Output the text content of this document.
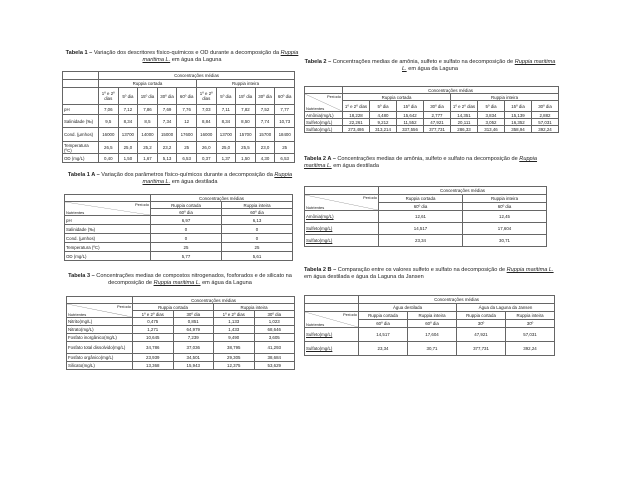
Tabela 1 – Variação dos descritores físico-químicos e OD durante a decomposição da Ruppia maritima L. em água da Laguna
	Concentrações médias									
	Ruppia cortada					Ruppia inteira				
	1º e 2º dias	5º dia	15º dia	30º dia	60º dia	1º e 2º dias	5º dia	15º dia	30º dia	60º dia
pH	7,06	7,12	7,86	7,69	7,76	7,03	7,11	7,82	7,52	7,77
Salinidade (‰)	9,5	8,34	8,5	7,34	12	8,84	8,34	8,50	7,74	10,73
Cond. (µmhos)	16000	13700	14000	15000	17600	16000	13700	15700	15700	18400
Temperatura (ºC)	26,5	25,0	25,2	23,2	25	26,0	25,0	25,5	23,0	25
OD (mg/L)	0,40	1,50	1,67	5,13	6,53	0,37	1,37	1,50	4,30	6,53
Tabela 1 A – Variação dos parâmetros físico-químicos durante a decomposição da Ruppia maritima L. em água destilada
	Concentrações médias	

Período
Nutrientes	Ruppia cortada	Ruppia inteira
	60º dia	60º dia
pH	6,97	6,13
Salinidade (‰)	0	0
Cond. (µmhos)	0	0
Temperatura (ºC)	25	25
OD (mg/L)	5,77	5,61
Tabela 3 – Concentrações medias de compostos nitrogenados, fosforados e de silicato na decomposição de Ruppia maritima L. em água da Laguna
	Concentrações médias			

Período
Nutrientes	Ruppia cortada		Ruppia inteira	
	1º e 2º dias	30º dia	1º e 2º dias	30º dia
Nitrito(mg/L)	0,475	0,851	1,133	1,023
Nitrato(mg/L)	1,271	64,979	1,433	68,646
Fosfato inorgânico(mg/L)	10,645	7,239	9,490	3,605
Fosfato total dissolvido(mg/L)	34,786	37,036	38,795	41,293
Fosfato orgânico(mg/L)	23,939	34,501	29,305	38,684
Silicato(mg/L)	13,368	15,943	12,375	53,629
Tabela 2 – Concentrações medias de amônia, sulfeto e sulfato na decomposição de Ruppia maritima L. em água da Laguna
	Concentrações médias							

Período
Nutrientes	Ruppia cortada				Ruppia inteira			
	1º e 2º dias	5º dia	15º dia	30º dia	1º e 2º dias	5º dia	15º dia	30º dia
Amônia(mg/L)	18,228	4,480	15,642	2,777	14,351	3,834	15,139	2,882
Sulfeto(mg/L)	22,261	9,212	11,552	47,921	20,111	3,052	16,352	57,031
Sulfato(mg/L)	273,486	313,214	337,556	377,731	286,33	313,46	358,94	392,24
Tabela 2 A – Concentrações medias de amônia, sulfeto e sulfato na decomposição de Ruppia maritima L. em água destilada
	Concentrações médias	

Período
Nutrientes	Ruppia cortada	Ruppia inteira
	60º dia	60º dia
Amônia(mg/L)	12,61	12,45
Sulfeto(mg/L)	14,517	17,604
Sulfato(mg/L)	23,34	30,71
Tabela 2 B – Comparação entre os valores sulfeto e sulfato na decomposição de Ruppia maritima L. em água destilada e água da Laguna da Jansen
	Concentrações médias			
	Água destilada		Água da Laguna da Jansen	

Período
Nutrientes	Ruppia cortada	Ruppia inteira	Ruppia cortada	Ruppia inteira
	60º dia	60º dia	30º	30º
Sulfeto(mg/L)	14,517	17,604	47,921	57,031
Sulfato(mg/L)	23,34	30,71	377,731	392,24
